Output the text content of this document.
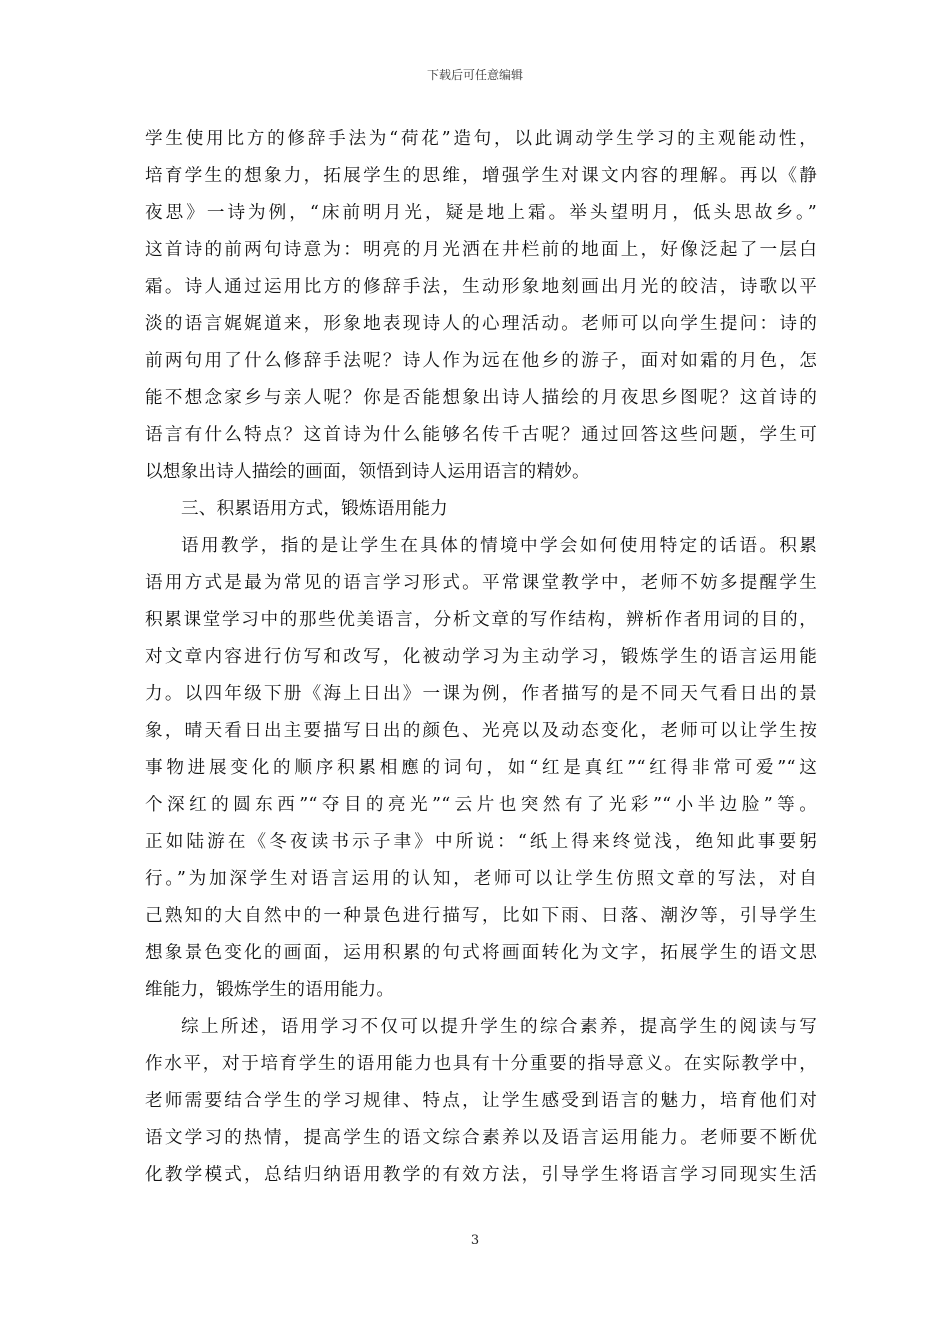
下载后可任意编辑
学生使用比方的修辞手法为“荷花”造句，以此调动学生学习的主观能动性，
培育学生的想象力，拓展学生的思维，增强学生对课文内容的理解。再以《静
夜思》一诗为例，“床前明月光，疑是地上霜。举头望明月，低头思故乡。”
这首诗的前两句诗意为：明亮的月光洒在井栏前的地面上，好像泛起了一层白
霜。诗人通过运用比方的修辞手法，生动形象地刻画出月光的皎洁，诗歌以平
淡的语言娓娓道来，形象地表现诗人的心理活动。老师可以向学生提问：诗的
前两句用了什么修辞手法呢？诗人作为远在他乡的游子，面对如霜的月色，怎
能不想念家乡与亲人呢？你是否能想象出诗人描绘的月夜思乡图呢？这首诗的
语言有什么特点？这首诗为什么能够名传千古呢？通过回答这些问题，学生可
以想象出诗人描绘的画面，领悟到诗人运用语言的精妙。
三、积累语用方式，锻炼语用能力
语用教学，指的是让学生在具体的情境中学会如何使用特定的话语。积累
语用方式是最为常见的语言学习形式。平常课堂教学中，老师不妨多提醒学生
积累课堂学习中的那些优美语言，分析文章的写作结构，辨析作者用词的目的，
对文章内容进行仿写和改写，化被动学习为主动学习，锻炼学生的语言运用能
力。以四年级下册《海上日出》一课为例，作者描写的是不同天气看日出的景
象，晴天看日出主要描写日出的颜色、光亮以及动态变化，老师可以让学生按
事物进展变化的顺序积累相應的词句，如“红是真红”“红得非常可爱”“这
个深红的圆东西”“夺目的亮光”“云片也突然有了光彩”“小半边脸”等。
正如陆游在《冬夜读书示子聿》中所说：“纸上得来终觉浅，绝知此事要躬
行。”为加深学生对语言运用的认知，老师可以让学生仿照文章的写法，对自
己熟知的大自然中的一种景色进行描写，比如下雨、日落、潮汐等，引导学生
想象景色变化的画面，运用积累的句式将画面转化为文字，拓展学生的语文思
维能力，锻炼学生的语用能力。
综上所述，语用学习不仅可以提升学生的综合素养，提高学生的阅读与写
作水平，对于培育学生的语用能力也具有十分重要的指导意义。在实际教学中，
老师需要结合学生的学习规律、特点，让学生感受到语言的魅力，培育他们对
语文学习的热情，提高学生的语文综合素养以及语言运用能力。老师要不断优
化教学模式，总结归纳语用教学的有效方法，引导学生将语言学习同现实生活
3
